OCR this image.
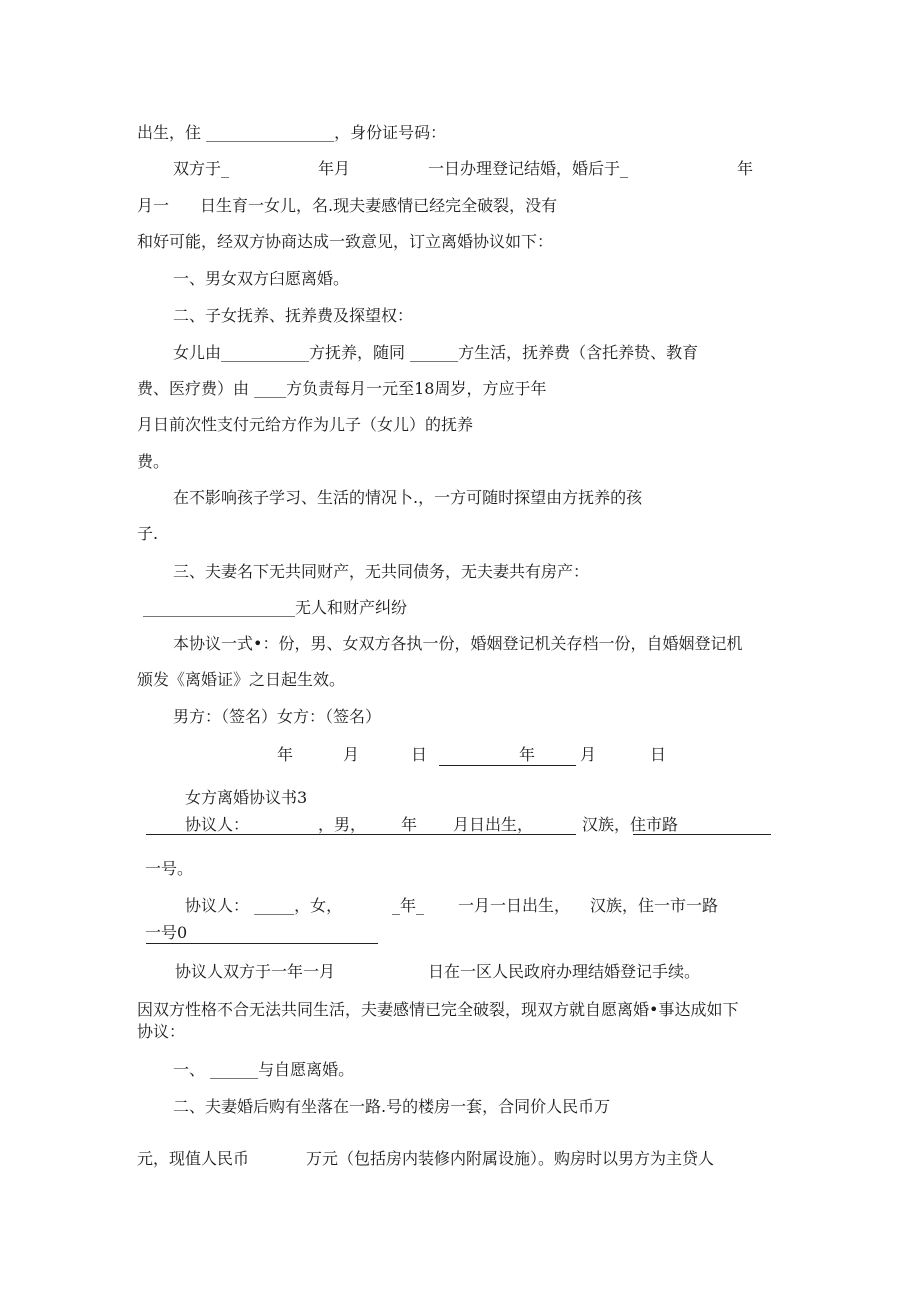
出生，住 ________________，身份证号码：
双方于_	年月	一日办理登记结婚，婚后于_	年
月一 日生育一女儿，名.现夫妻感情已经完全破裂，没有
和好可能，经双方协商达成一致意见，订立离婚协议如下：
一、男女双方臼愿离婚。
二、子女抚养、抚养费及探望权：
女儿由___________方抚养，随同 ______方生活，抚养费（含托养贽、教育
费、医疗费）由 ____方负责每月一元至18周岁，方应于年
月日前次性支付元给方作为儿子（女儿）的抚养
费。
在不影响孩子学习、生活的情况卜.，一方可随时探望由方抚养的孩
子.
三、夫妻名下无共同财产，无共同债务，无夫妻共有房产：
___________________无人和财产纠纷
本协议一式•：份，男、女双方各执一份，婚姻登记机关存档一份，自婚姻登记机
颁发《离婚证》之日起生效。
男方：（签名）女方：（签名）
年	月	日	年	月	日
女方离婚协议书3
协议人：	，男， 年 月日出生，	汉族，住市路
一号。
协议人： _____，女，	_年_ 一月一日出生， 汉族，住一市一路
一号0
协议人双方于一年一月	日在一区人民政府办理结婚登记手续。
因双方性格不合无法共同生活，夫妻感情已完全破裂，现双方就自愿离婚•事达成如下
协议：
一、 ______与自愿离婚。
二、夫妻婚后购有坐落在一路.号的楼房一套，合同价人民币万
元，现值人民币	万元（包括房内装修内附属设施）。购房时以男方为主贷人
